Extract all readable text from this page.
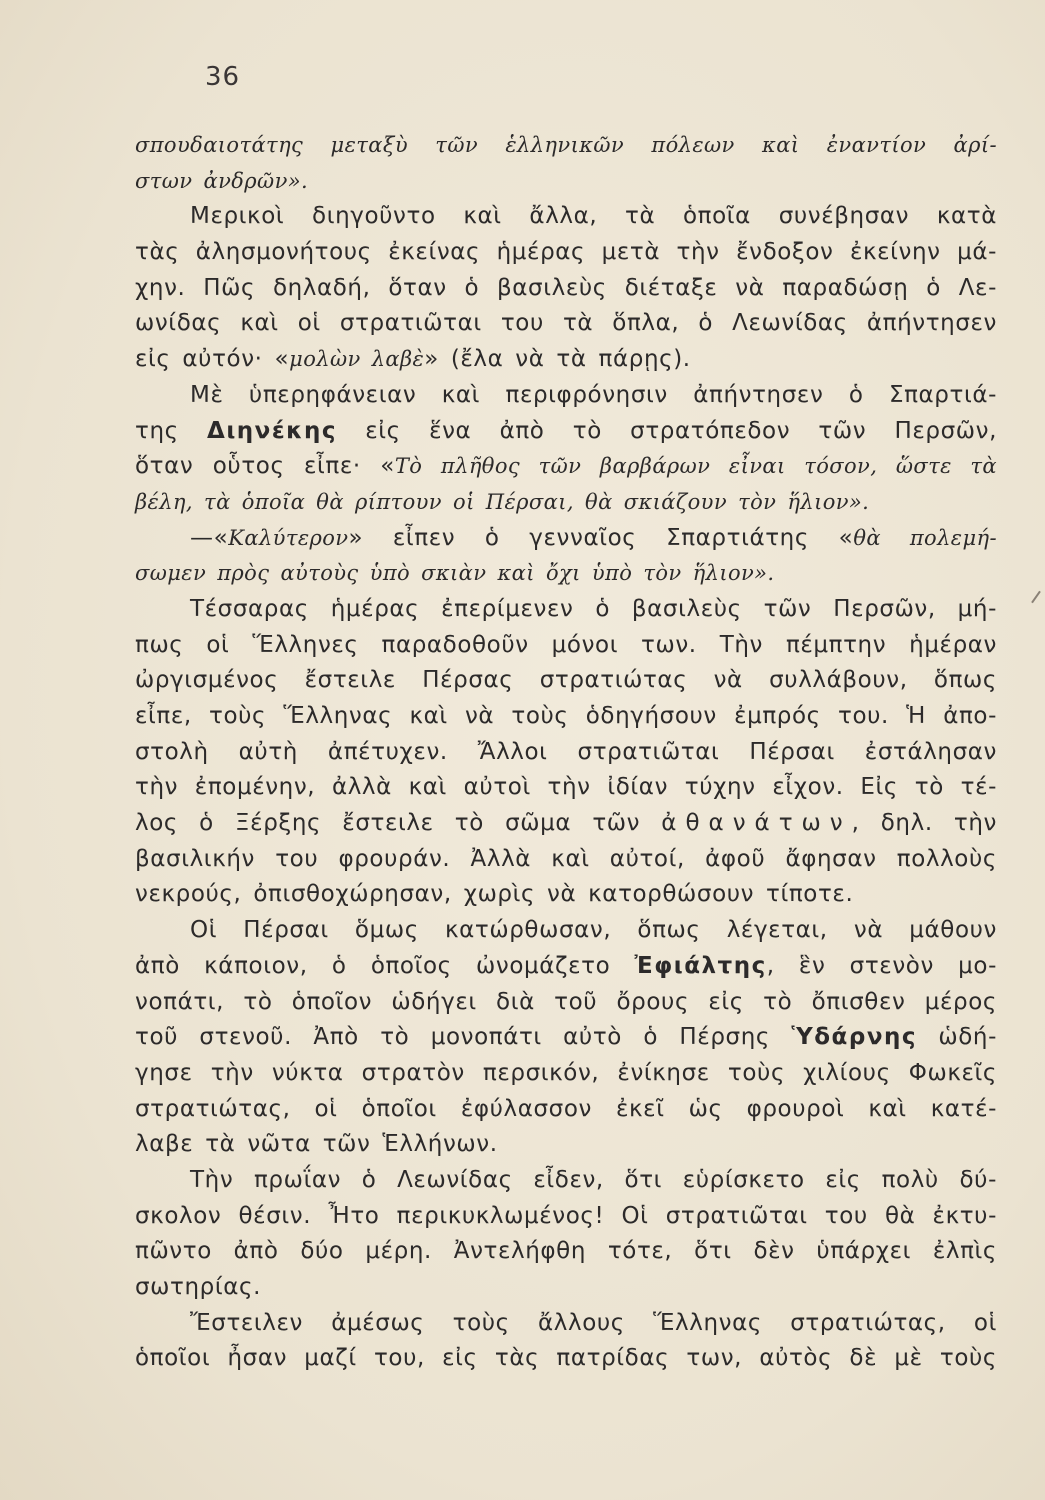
36
σπουδαιοτάτης μεταξὺ τῶν ἑλληνικῶν πόλεων καὶ ἐναντίον ἀρί-
στων ἀνδρῶν».
Μερικοὶ διηγοῦντο καὶ ἄλλα, τὰ ὁποῖα συνέβησαν κατὰ
τὰς ἀλησμονήτους ἐκείνας ἡμέρας μετὰ τὴν ἔνδοξον ἐκείνην μά-
χην. Πῶς δηλαδή, ὅταν ὁ βασιλεὺς διέταξε νὰ παραδώσῃ ὁ Λε-
ωνίδας καὶ οἱ στρατιῶται του τὰ ὅπλα, ὁ Λεωνίδας ἀπήντησεν
εἰς αὐτόν· «μολὼν λαβὲ» (ἔλα νὰ τὰ πάρῃς).
Μὲ ὑπερηφάνειαν καὶ περιφρόνησιν ἀπήντησεν ὁ Σπαρτιά-
της Διηνέκης εἰς ἕνα ἀπὸ τὸ στρατόπεδον τῶν Περσῶν,
ὅταν οὗτος εἶπε· «Τὸ πλῆθος τῶν βαρβάρων εἶναι τόσον, ὥστε τὰ
βέλη, τὰ ὁποῖα θὰ ρίπτουν οἱ Πέρσαι, θὰ σκιάζουν τὸν ἥλιον».
—«Καλύτερον» εἶπεν ὁ γενναῖος Σπαρτιάτης «θὰ πολεμή-
σωμεν πρὸς αὐτοὺς ὑπὸ σκιὰν καὶ ὄχι ὑπὸ τὸν ἥλιον».
Τέσσαρας ἡμέρας ἐπερίμενεν ὁ βασιλεὺς τῶν Περσῶν, μή-
πως οἱ Ἕλληνες παραδοθοῦν μόνοι των. Τὴν πέμπτην ἡμέραν
ὠργισμένος ἔστειλε Πέρσας στρατιώτας νὰ συλλάβουν, ὅπως
εἶπε, τοὺς Ἕλληνας καὶ νὰ τοὺς ὁδηγήσουν ἐμπρός του. Ἡ ἀπο-
στολὴ αὐτὴ ἀπέτυχεν. Ἄλλοι στρατιῶται Πέρσαι ἐστάλησαν
τὴν ἐπομένην, ἀλλὰ καὶ αὐτοὶ τὴν ἰδίαν τύχην εἶχον. Εἰς τὸ τέ-
λος ὁ Ξέρξης ἔστειλε τὸ σῶμα τῶν ἀθανάτων, δηλ. τὴν
βασιλικήν του φρουράν. Ἀλλὰ καὶ αὐτοί, ἀφοῦ ἄφησαν πολλοὺς
νεκρούς, ὀπισθοχώρησαν, χωρὶς νὰ κατορθώσουν τίποτε.
Οἱ Πέρσαι ὅμως κατώρθωσαν, ὅπως λέγεται, νὰ μάθουν
ἀπὸ κάποιον, ὁ ὁποῖος ὠνομάζετο Ἐφιάλτης, ἓν στενὸν μο-
νοπάτι, τὸ ὁποῖον ὡδήγει διὰ τοῦ ὄρους εἰς τὸ ὄπισθεν μέρος
τοῦ στενοῦ. Ἀπὸ τὸ μονοπάτι αὐτὸ ὁ Πέρσης Ὑδάρνης ὡδή-
γησε τὴν νύκτα στρατὸν περσικόν, ἐνίκησε τοὺς χιλίους Φωκεῖς
στρατιώτας, οἱ ὁποῖοι ἐφύλασσον ἐκεῖ ὡς φρουροὶ καὶ κατέ-
λαβε τὰ νῶτα τῶν Ἑλλήνων.
Τὴν πρωΐαν ὁ Λεωνίδας εἶδεν, ὅτι εὑρίσκετο εἰς πολὺ δύ-
σκολον θέσιν. Ἦτο περικυκλωμένος! Οἱ στρατιῶται του θὰ ἐκτυ-
πῶντο ἀπὸ δύο μέρη. Ἀντελήφθη τότε, ὅτι δὲν ὑπάρχει ἐλπὶς
σωτηρίας.
Ἔστειλεν ἀμέσως τοὺς ἄλλους Ἕλληνας στρατιώτας, οἱ
ὁποῖοι ἦσαν μαζί του, εἰς τὰς πατρίδας των, αὐτὸς δὲ μὲ τοὺς
